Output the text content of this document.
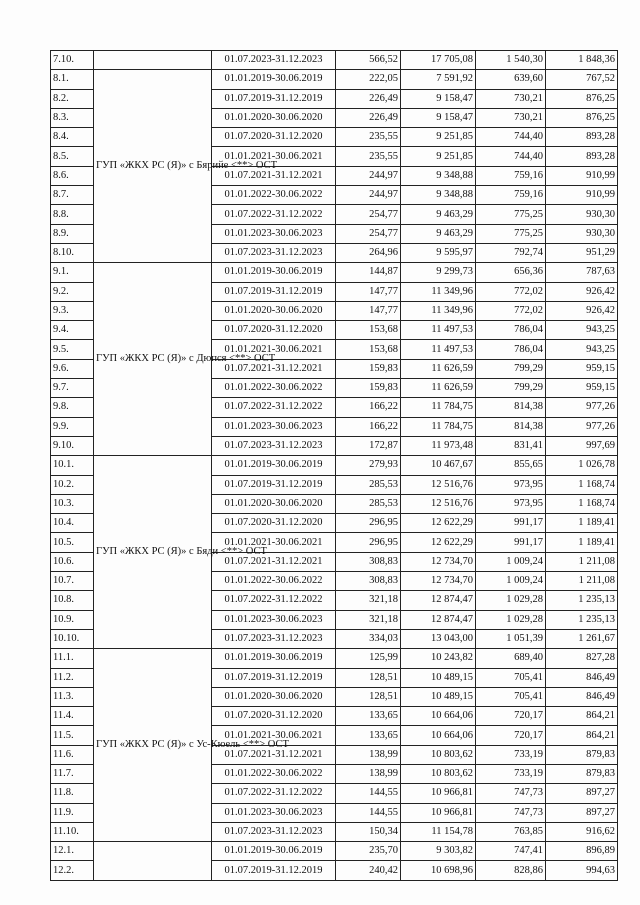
7.10.		01.07.2023-31.12.2023	566,52	17 705,08	1 540,30	1 848,36
8.1.	ГУП «ЖКХ РС (Я)» с Бярийе <**> ОСТ	01.01.2019-30.06.2019	222,05	7 591,92	639,60	767,52
8.2.		01.07.2019-31.12.2019	226,49	9 158,47	730,21	876,25
8.3.		01.01.2020-30.06.2020	226,49	9 158,47	730,21	876,25
8.4.		01.07.2020-31.12.2020	235,55	9 251,85	744,40	893,28
8.5.		01.01.2021-30.06.2021	235,55	9 251,85	744,40	893,28
8.6.		01.07.2021-31.12.2021	244,97	9 348,88	759,16	910,99
8.7.		01.01.2022-30.06.2022	244,97	9 348,88	759,16	910,99
8.8.		01.07.2022-31.12.2022	254,77	9 463,29	775,25	930,30
8.9.		01.01.2023-30.06.2023	254,77	9 463,29	775,25	930,30
8.10.		01.07.2023-31.12.2023	264,96	9 595,97	792,74	951,29
9.1.	ГУП «ЖКХ РС (Я)» с Дюпся <**> ОСТ	01.01.2019-30.06.2019	144,87	9 299,73	656,36	787,63
9.2.		01.07.2019-31.12.2019	147,77	11 349,96	772,02	926,42
9.3.		01.01.2020-30.06.2020	147,77	11 349,96	772,02	926,42
9.4.		01.07.2020-31.12.2020	153,68	11 497,53	786,04	943,25
9.5.		01.01.2021-30.06.2021	153,68	11 497,53	786,04	943,25
9.6.		01.07.2021-31.12.2021	159,83	11 626,59	799,29	959,15
9.7.		01.01.2022-30.06.2022	159,83	11 626,59	799,29	959,15
9.8.		01.07.2022-31.12.2022	166,22	11 784,75	814,38	977,26
9.9.		01.01.2023-30.06.2023	166,22	11 784,75	814,38	977,26
9.10.		01.07.2023-31.12.2023	172,87	11 973,48	831,41	997,69
10.1.	ГУП «ЖКХ РС (Я)» с Бяди <**> ОСТ	01.01.2019-30.06.2019	279,93	10 467,67	855,65	1 026,78
10.2.		01.07.2019-31.12.2019	285,53	12 516,76	973,95	1 168,74
10.3.		01.01.2020-30.06.2020	285,53	12 516,76	973,95	1 168,74
10.4.		01.07.2020-31.12.2020	296,95	12 622,29	991,17	1 189,41
10.5.		01.01.2021-30.06.2021	296,95	12 622,29	991,17	1 189,41
10.6.		01.07.2021-31.12.2021	308,83	12 734,70	1 009,24	1 211,08
10.7.		01.01.2022-30.06.2022	308,83	12 734,70	1 009,24	1 211,08
10.8.		01.07.2022-31.12.2022	321,18	12 874,47	1 029,28	1 235,13
10.9.		01.01.2023-30.06.2023	321,18	12 874,47	1 029,28	1 235,13
10.10.		01.07.2023-31.12.2023	334,03	13 043,00	1 051,39	1 261,67
11.1.	ГУП «ЖКХ РС (Я)» с Ус-Кюель <**> ОСТ	01.01.2019-30.06.2019	125,99	10 243,82	689,40	827,28
11.2.		01.07.2019-31.12.2019	128,51	10 489,15	705,41	846,49
11.3.		01.01.2020-30.06.2020	128,51	10 489,15	705,41	846,49
11.4.		01.07.2020-31.12.2020	133,65	10 664,06	720,17	864,21
11.5.		01.01.2021-30.06.2021	133,65	10 664,06	720,17	864,21
11.6.		01.07.2021-31.12.2021	138,99	10 803,62	733,19	879,83
11.7.		01.01.2022-30.06.2022	138,99	10 803,62	733,19	879,83
11.8.		01.07.2022-31.12.2022	144,55	10 966,81	747,73	897,27
11.9.		01.01.2023-30.06.2023	144,55	10 966,81	747,73	897,27
11.10.		01.07.2023-31.12.2023	150,34	11 154,78	763,85	916,62
12.1.		01.01.2019-30.06.2019	235,70	9 303,82	747,41	896,89
12.2.		01.07.2019-31.12.2019	240,42	10 698,96	828,86	994,63
